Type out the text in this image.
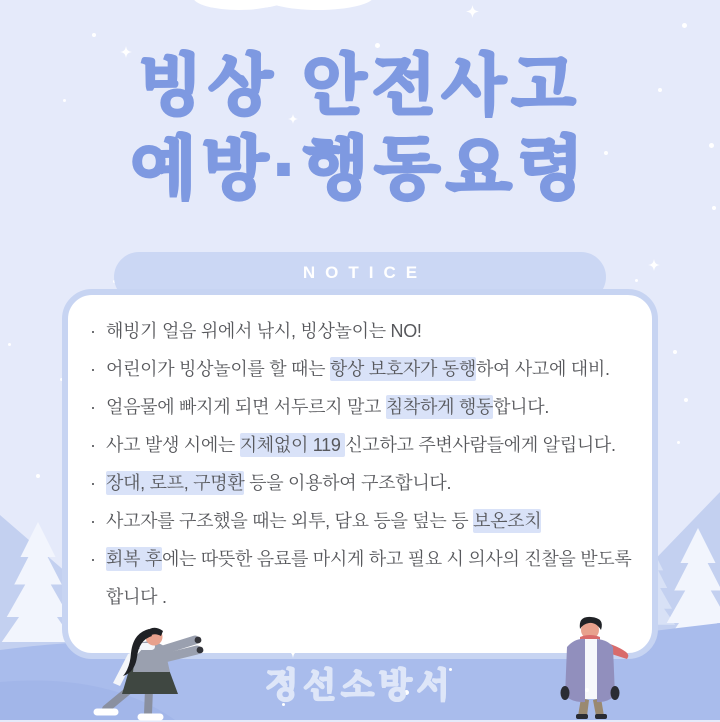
빙상 안전사고
예방·행동요령
NOTICE
· 해빙기 얼음 위에서 낚시, 빙상놀이는 NO!
· 어린이가 빙상놀이를 할 때는 항상 보호자가 동행하여 사고에 대비.
· 얼음물에 빠지게 되면 서두르지 말고 침착하게 행동합니다.
· 사고 발생 시에는 지체없이 119 신고하고 주변사람들에게 알립니다.
· 장대, 로프, 구명환 등을 이용하여 구조합니다.
· 사고자를 구조했을 때는 외투, 담요 등을 덮는 등 보온조치
· 회복 후에는 따뜻한 음료를 마시게 하고 필요 시 의사의 진찰을 받도록 합니다 .
정선소방서
